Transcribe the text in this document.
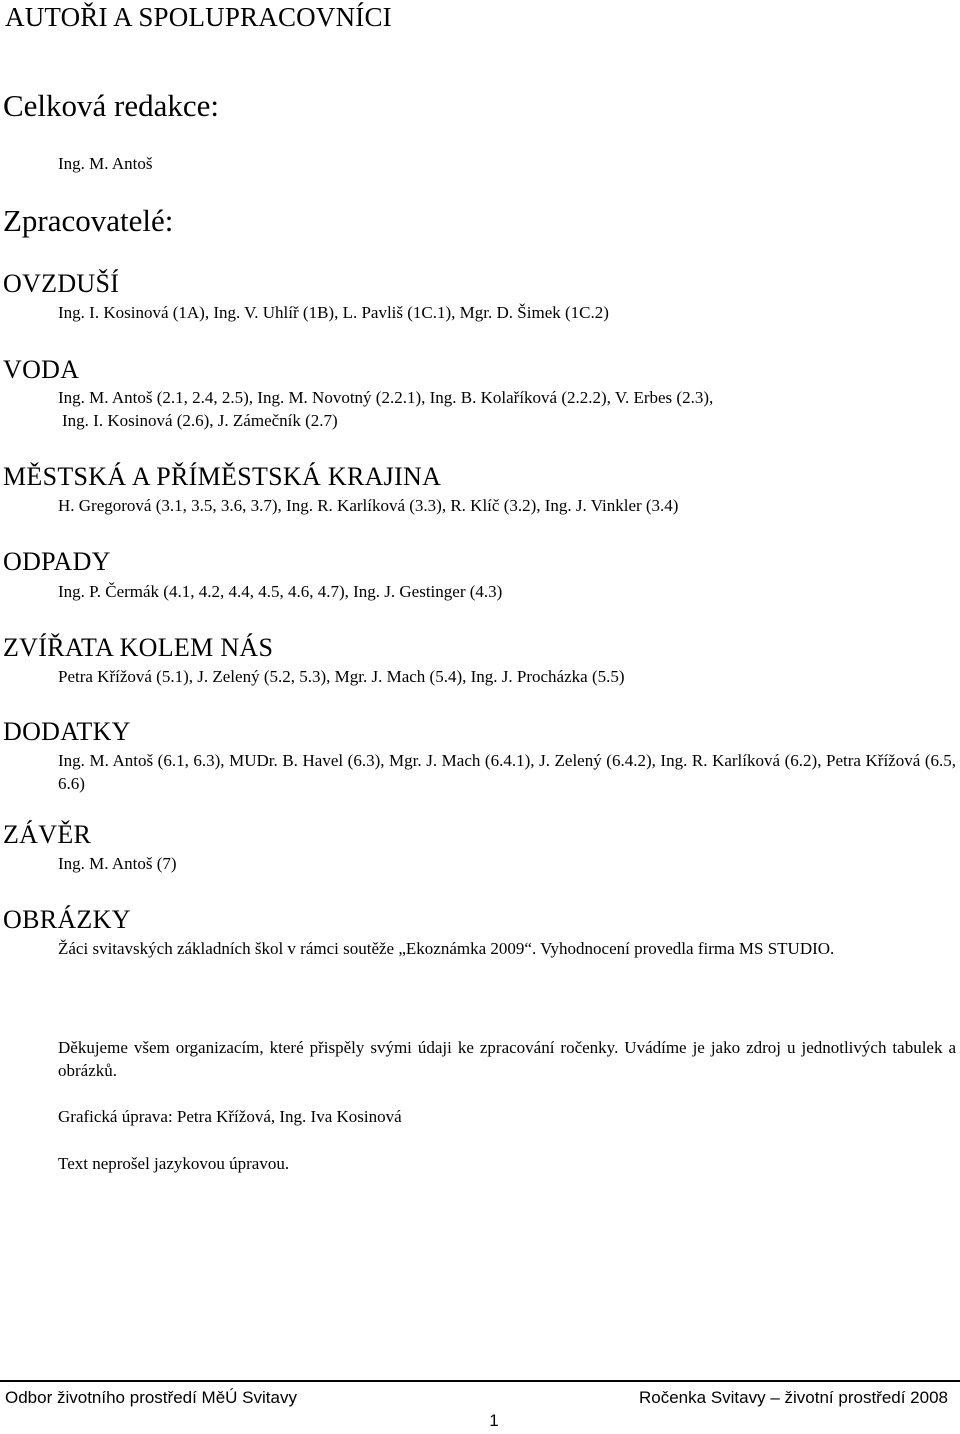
AUTOŘI A SPOLUPRACOVNÍCI
Celková redakce:

Ing. M. Antoš

Zpracovatelé:
OVZDUŠÍ

Ing. I. Kosinová (1A), Ing. V. Uhlíř (1B), L. Pavliš (1C.1), Mgr. D. Šimek (1C.2)

VODA

Ing. M. Antoš (2.1, 2.4, 2.5), Ing. M. Novotný (2.2.1), Ing. B. Kolaříková (2.2.2), V. Erbes (2.3),

Ing. I. Kosinová (2.6), J. Zámečník (2.7)

MĚSTSKÁ A PŘÍMĚSTSKÁ KRAJINA

H. Gregorová (3.1, 3.5, 3.6, 3.7), Ing. R. Karlíková (3.3), R. Klíč (3.2), Ing. J. Vinkler (3.4)

ODPADY

Ing. P. Čermák (4.1, 4.2, 4.4, 4.5, 4.6, 4.7), Ing. J. Gestinger (4.3)

ZVÍŘATA KOLEM NÁS

Petra Křížová (5.1), J. Zelený (5.2, 5.3), Mgr. J. Mach (5.4), Ing. J. Procházka (5.5)

DODATKY

Ing. M. Antoš (6.1, 6.3), MUDr. B. Havel (6.3), Mgr. J. Mach (6.4.1), J. Zelený (6.4.2), Ing. R. Karlíková (6.2), Petra Křížová (6.5, 6.6)

ZÁVĚR

Ing. M. Antoš (7)

OBRÁZKY

Žáci svitavských základních škol v rámci soutěže „Ekoznámka 2009“. Vyhodnocení provedla firma MS STUDIO.

Děkujeme všem organizacím, které přispěly svými údaji ke zpracování ročenky. Uvádíme je jako zdroj u jednotlivých tabulek a obrázků.

Grafická úprava: Petra Křížová, Ing. Iva Kosinová

Text neprošel jazykovou úpravou.

Odbor životního prostředí MěÚ Svitavy	Ročenka Svitavy – životní prostředí 2008
1
